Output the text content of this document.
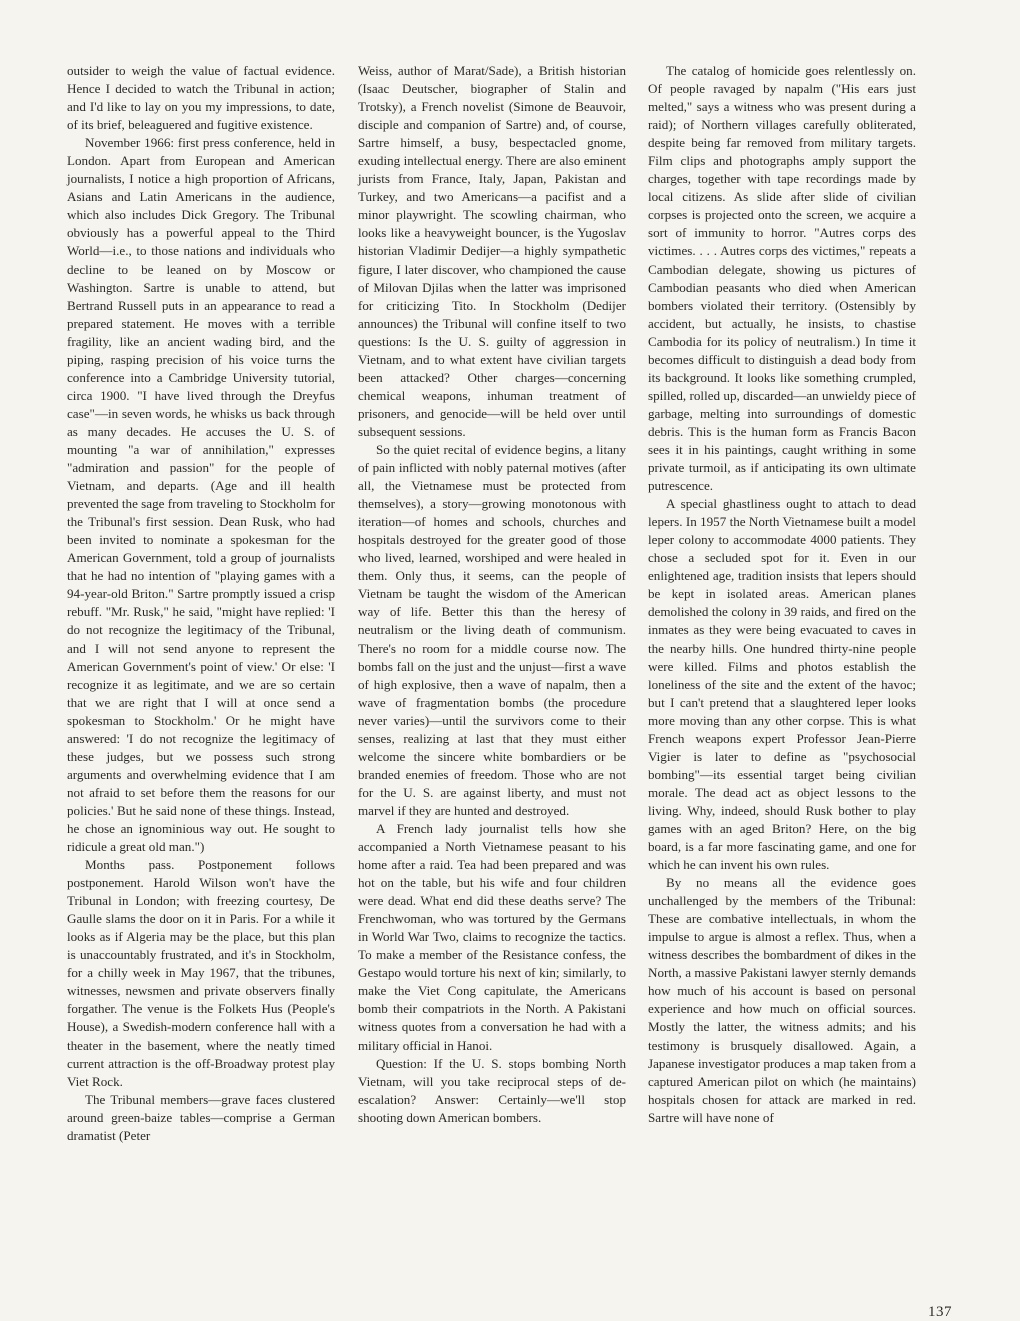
outsider to weigh the value of factual evidence. Hence I decided to watch the Tribunal in action; and I'd like to lay on you my impressions, to date, of its brief, beleaguered and fugitive existence.

November 1966: first press conference, held in London. Apart from European and American journalists, I notice a high proportion of Africans, Asians and Latin Americans in the audience, which also includes Dick Gregory. The Tribunal obviously has a powerful appeal to the Third World—i.e., to those nations and individuals who decline to be leaned on by Moscow or Washington. Sartre is unable to attend, but Bertrand Russell puts in an appearance to read a prepared statement. He moves with a terrible fragility, like an ancient wading bird, and the piping, rasping precision of his voice turns the conference into a Cambridge University tutorial, circa 1900. "I have lived through the Dreyfus case"—in seven words, he whisks us back through as many decades. He accuses the U. S. of mounting "a war of annihilation," expresses "admiration and passion" for the people of Vietnam, and departs. (Age and ill health prevented the sage from traveling to Stockholm for the Tribunal's first session. Dean Rusk, who had been invited to nominate a spokesman for the American Government, told a group of journalists that he had no intention of "playing games with a 94-year-old Briton." Sartre promptly issued a crisp rebuff. "Mr. Rusk," he said, "might have replied: 'I do not recognize the legitimacy of the Tribunal, and I will not send anyone to represent the American Government's point of view.' Or else: 'I recognize it as legitimate, and we are so certain that we are right that I will at once send a spokesman to Stockholm.' Or he might have answered: 'I do not recognize the legitimacy of these judges, but we possess such strong arguments and overwhelming evidence that I am not afraid to set before them the reasons for our policies.' But he said none of these things. Instead, he chose an ignominious way out. He sought to ridicule a great old man.")

Months pass. Postponement follows postponement. Harold Wilson won't have the Tribunal in London; with freezing courtesy, De Gaulle slams the door on it in Paris. For a while it looks as if Algeria may be the place, but this plan is unaccountably frustrated, and it's in Stockholm, for a chilly week in May 1967, that the tribunes, witnesses, newsmen and private observers finally forgather. The venue is the Folkets Hus (People's House), a Swedish-modern conference hall with a theater in the basement, where the neatly timed current attraction is the off-Broadway protest play Viet Rock.

The Tribunal members—grave faces clustered around green-baize tables—comprise a German dramatist (Peter

Weiss, author of Marat/Sade), a British historian (Isaac Deutscher, biographer of Stalin and Trotsky), a French novelist (Simone de Beauvoir, disciple and companion of Sartre) and, of course, Sartre himself, a busy, bespectacled gnome, exuding intellectual energy. There are also eminent jurists from France, Italy, Japan, Pakistan and Turkey, and two Americans—a pacifist and a minor playwright. The scowling chairman, who looks like a heavyweight bouncer, is the Yugoslav historian Vladimir Dedijer—a highly sympathetic figure, I later discover, who championed the cause of Milovan Djilas when the latter was imprisoned for criticizing Tito. In Stockholm (Dedijer announces) the Tribunal will confine itself to two questions: Is the U. S. guilty of aggression in Vietnam, and to what extent have civilian targets been attacked? Other charges—concerning chemical weapons, inhuman treatment of prisoners, and genocide—will be held over until subsequent sessions.

So the quiet recital of evidence begins, a litany of pain inflicted with nobly paternal motives (after all, the Vietnamese must be protected from themselves), a story—growing monotonous with iteration—of homes and schools, churches and hospitals destroyed for the greater good of those who lived, learned, worshiped and were healed in them. Only thus, it seems, can the people of Vietnam be taught the wisdom of the American way of life. Better this than the heresy of neutralism or the living death of communism. There's no room for a middle course now. The bombs fall on the just and the unjust—first a wave of high explosive, then a wave of napalm, then a wave of fragmentation bombs (the procedure never varies)—until the survivors come to their senses, realizing at last that they must either welcome the sincere white bombardiers or be branded enemies of freedom. Those who are not for the U. S. are against liberty, and must not marvel if they are hunted and destroyed.

A French lady journalist tells how she accompanied a North Vietnamese peasant to his home after a raid. Tea had been prepared and was hot on the table, but his wife and four children were dead. What end did these deaths serve? The Frenchwoman, who was tortured by the Germans in World War Two, claims to recognize the tactics. To make a member of the Resistance confess, the Gestapo would torture his next of kin; similarly, to make the Viet Cong capitulate, the Americans bomb their compatriots in the North. A Pakistani witness quotes from a conversation he had with a military official in Hanoi.

Question: If the U. S. stops bombing North Vietnam, will you take reciprocal steps of de-escalation? Answer: Certainly—we'll stop shooting down American bombers.

The catalog of homicide goes relentlessly on. Of people ravaged by napalm ("His ears just melted," says a witness who was present during a raid); of Northern villages carefully obliterated, despite being far removed from military targets. Film clips and photographs amply support the charges, together with tape recordings made by local citizens. As slide after slide of civilian corpses is projected onto the screen, we acquire a sort of immunity to horror. "Autres corps des victimes. . . . Autres corps des victimes," repeats a Cambodian delegate, showing us pictures of Cambodian peasants who died when American bombers violated their territory. (Ostensibly by accident, but actually, he insists, to chastise Cambodia for its policy of neutralism.) In time it becomes difficult to distinguish a dead body from its background. It looks like something crumpled, spilled, rolled up, discarded—an unwieldy piece of garbage, melting into surroundings of domestic debris. This is the human form as Francis Bacon sees it in his paintings, caught writhing in some private turmoil, as if anticipating its own ultimate putrescence.

A special ghastliness ought to attach to dead lepers. In 1957 the North Vietnamese built a model leper colony to accommodate 4000 patients. They chose a secluded spot for it. Even in our enlightened age, tradition insists that lepers should be kept in isolated areas. American planes demolished the colony in 39 raids, and fired on the inmates as they were being evacuated to caves in the nearby hills. One hundred thirty-nine people were killed. Films and photos establish the loneliness of the site and the extent of the havoc; but I can't pretend that a slaughtered leper looks more moving than any other corpse. This is what French weapons expert Professor Jean-Pierre Vigier is later to define as "psychosocial bombing"—its essential target being civilian morale. The dead act as object lessons to the living. Why, indeed, should Rusk bother to play games with an aged Briton? Here, on the big board, is a far more fascinating game, and one for which he can invent his own rules.

By no means all the evidence goes unchallenged by the members of the Tribunal: These are combative intellectuals, in whom the impulse to argue is almost a reflex. Thus, when a witness describes the bombardment of dikes in the North, a massive Pakistani lawyer sternly demands how much of his account is based on personal experience and how much on official sources. Mostly the latter, the witness admits; and his testimony is brusquely disallowed. Again, a Japanese investigator produces a map taken from a captured American pilot on which (he maintains) hospitals chosen for attack are marked in red. Sartre will have none of

137
